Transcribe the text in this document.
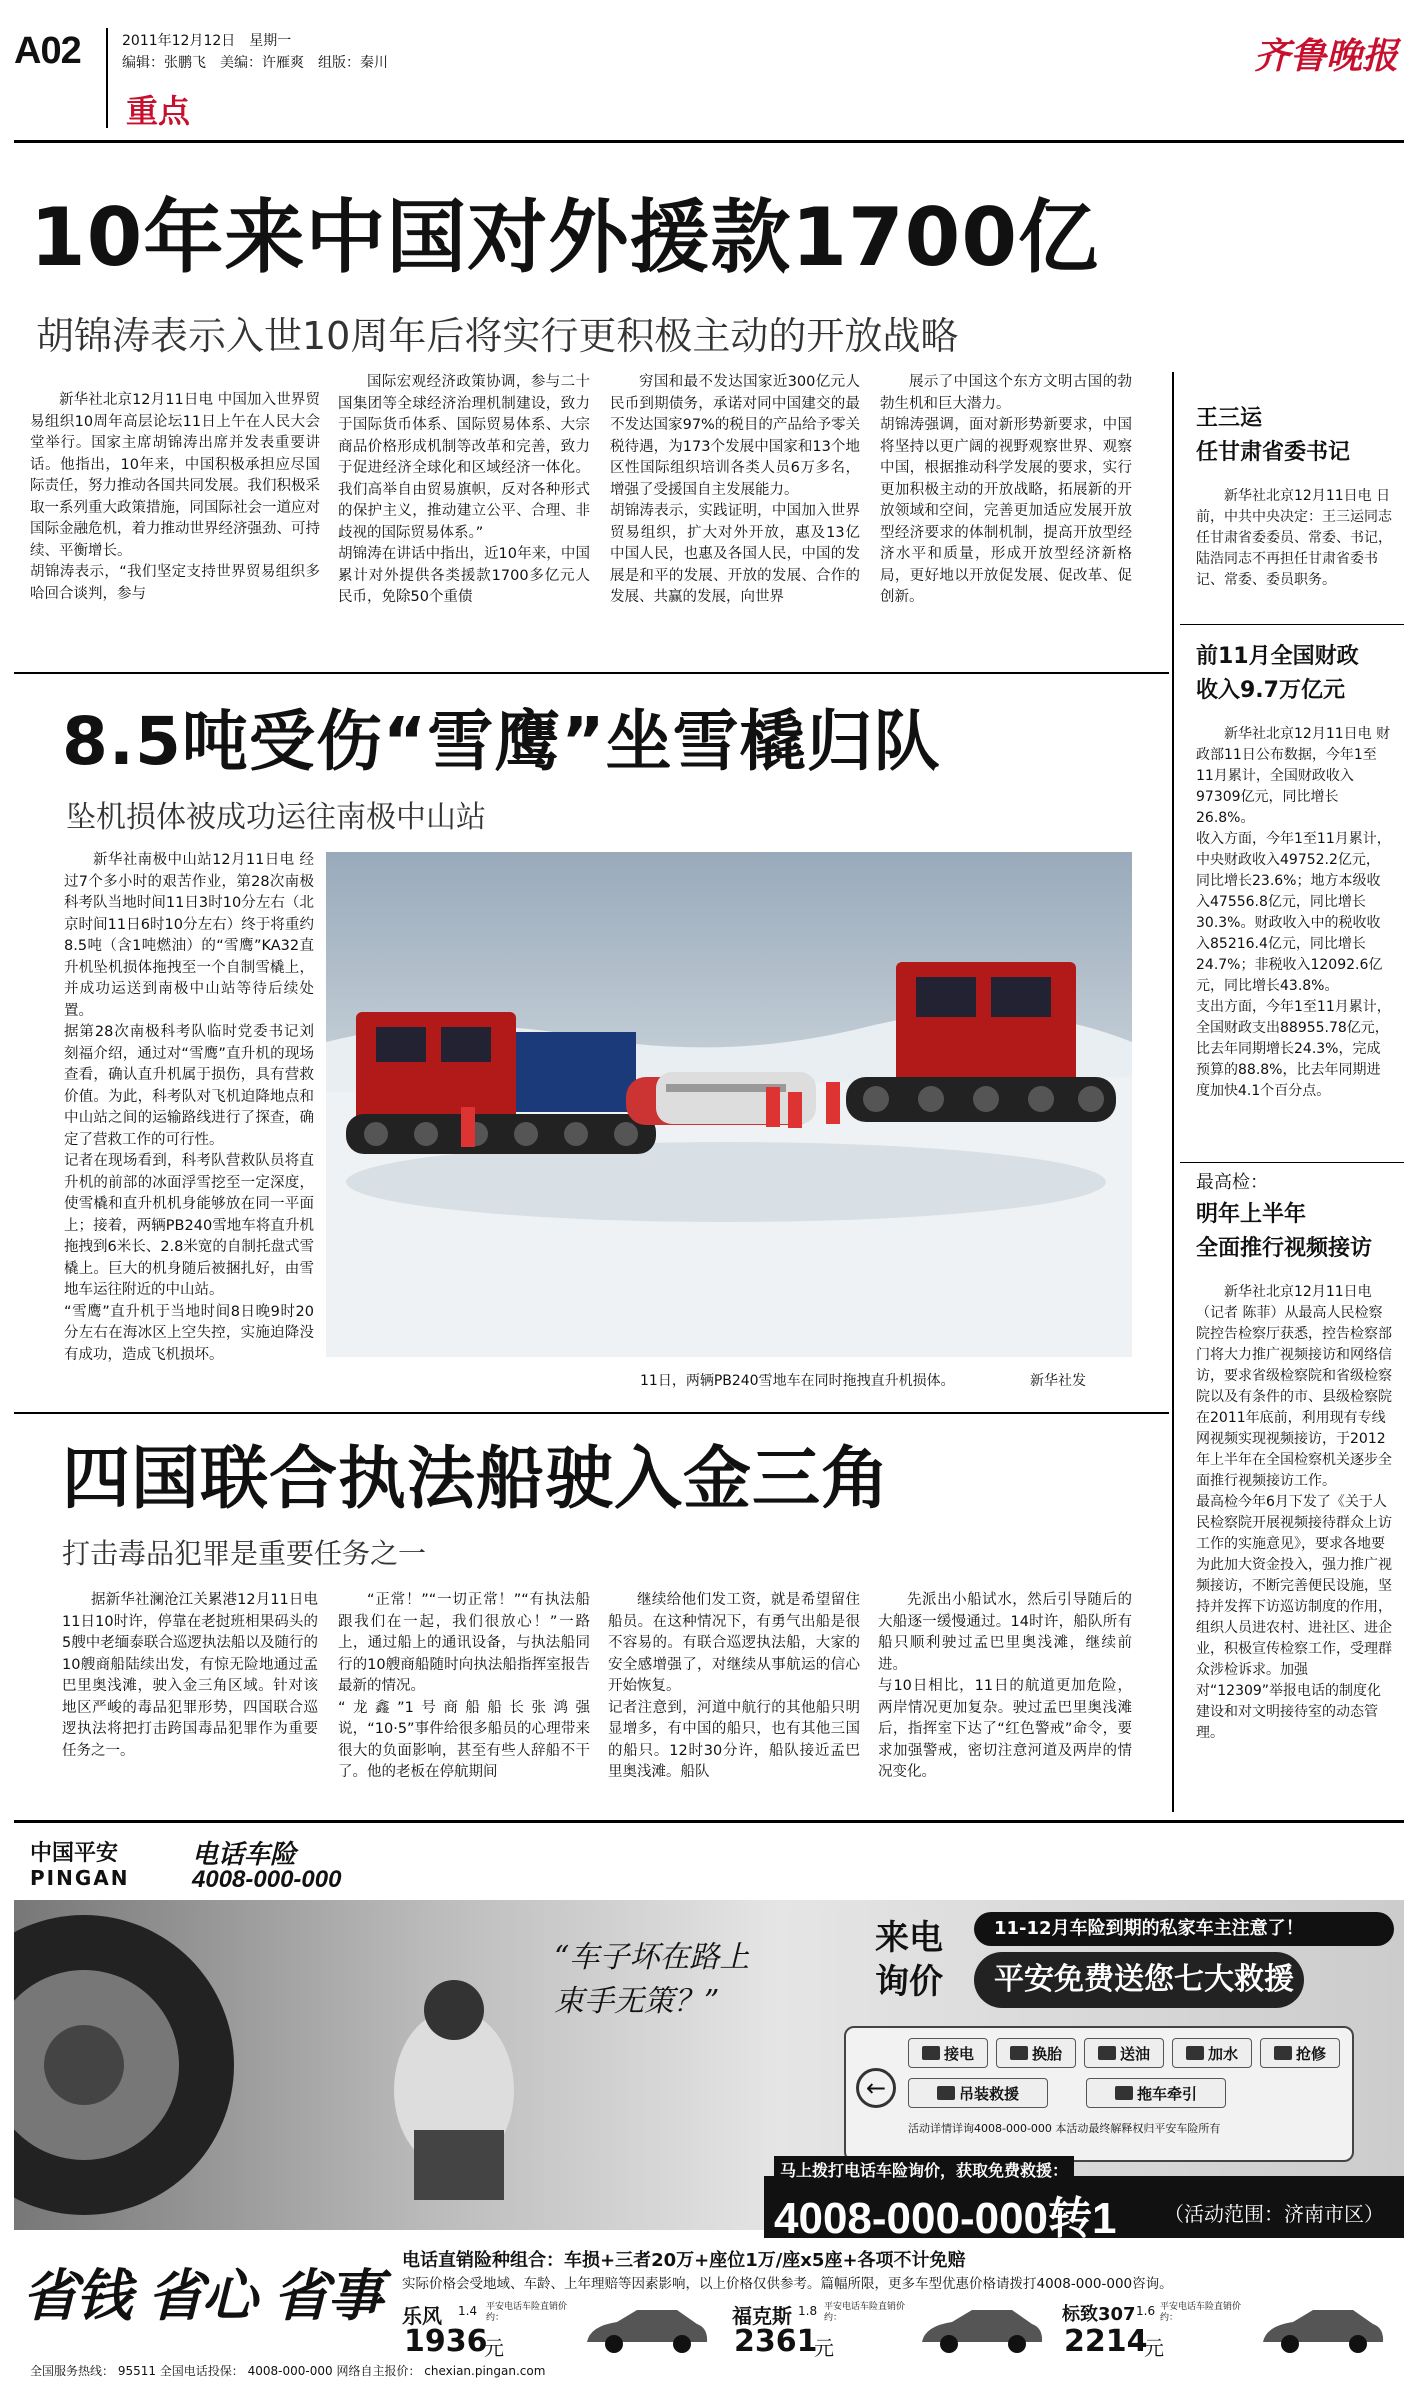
A02	2011年12月12日　星期一
编辑：张鹏飞　美编：许雁爽　组版：秦川
重点
齐鲁晚报
10年来中国对外援款1700亿
胡锦涛表示入世10周年后将实行更积极主动的开放战略

新华社北京12月11日电 中国加入世界贸易组织10周年高层论坛11日上午在人民大会堂举行。国家主席胡锦涛出席并发表重要讲话。他指出，10年来，中国积极承担应尽国际责任，努力推动各国共同发展。我们积极采取一系列重大政策措施，同国际社会一道应对国际金融危机，着力推动世界经济强劲、可持续、平衡增长。
胡锦涛表示，“我们坚定支持世界贸易组织多哈回合谈判，参与

国际宏观经济政策协调，参与二十国集团等全球经济治理机制建设，致力于国际货币体系、国际贸易体系、大宗商品价格形成机制等改革和完善，致力于促进经济全球化和区域经济一体化。我们高举自由贸易旗帜，反对各种形式的保护主义，推动建立公平、合理、非歧视的国际贸易体系。”
胡锦涛在讲话中指出，近10年来，中国累计对外提供各类援款1700多亿元人民币，免除50个重债

穷国和最不发达国家近300亿元人民币到期债务，承诺对同中国建交的最不发达国家97%的税目的产品给予零关税待遇，为173个发展中国家和13个地区性国际组织培训各类人员6万多名，增强了受援国自主发展能力。
胡锦涛表示，实践证明，中国加入世界贸易组织，扩大对外开放，惠及13亿中国人民，也惠及各国人民，中国的发展是和平的发展、开放的发展、合作的发展、共赢的发展，向世界

展示了中国这个东方文明古国的勃勃生机和巨大潜力。
胡锦涛强调，面对新形势新要求，中国将坚持以更广阔的视野观察世界、观察中国，根据推动科学发展的要求，实行更加积极主动的开放战略，拓展新的开放领域和空间，完善更加适应发展开放型经济要求的体制机制，提高开放型经济水平和质量，形成开放型经济新格局，更好地以开放促发展、促改革、促创新。

王三运
任甘肃省委书记

新华社北京12月11日电 日前，中共中央决定：王三运同志任甘肃省委委员、常委、书记，陆浩同志不再担任甘肃省委书记、常委、委员职务。

前11月全国财政
收入9.7万亿元

新华社北京12月11日电 财政部11日公布数据，今年1至11月累计，全国财政收入97309亿元，同比增长26.8%。
收入方面，今年1至11月累计，中央财政收入49752.2亿元，同比增长23.6%；地方本级收入47556.8亿元，同比增长30.3%。财政收入中的税收收入85216.4亿元，同比增长24.7%；非税收入12092.6亿元，同比增长43.8%。
支出方面，今年1至11月累计，全国财政支出88955.78亿元，比去年同期增长24.3%，完成预算的88.8%，比去年同期进度加快4.1个百分点。

最高检：
明年上半年
全面推行视频接访

新华社北京12月11日电（记者 陈菲）从最高人民检察院控告检察厅获悉，控告检察部门将大力推广视频接访和网络信访，要求省级检察院和省级检察院以及有条件的市、县级检察院在2011年底前，利用现有专线网视频实现视频接访，于2012年上半年在全国检察机关逐步全面推行视频接访工作。
最高检今年6月下发了《关于人民检察院开展视频接待群众上访工作的实施意见》，要求各地要为此加大资金投入，强力推广视频接访，不断完善便民设施，坚持并发挥下访巡访制度的作用，组织人员进农村、进社区、进企业，积极宣传检察工作，受理群众涉检诉求。加强对“12309”举报电话的制度化建设和对文明接待室的动态管理。

8.5吨受伤“雪鹰”坐雪橇归队
坠机损体被成功运往南极中山站

新华社南极中山站12月11日电 经过7个多小时的艰苦作业，第28次南极科考队当地时间11日3时10分左右（北京时间11日6时10分左右）终于将重约8.5吨（含1吨燃油）的“雪鹰”KA32直升机坠机损体拖拽至一个自制雪橇上，并成功运送到南极中山站等待后续处置。
据第28次南极科考队临时党委书记刘刻福介绍，通过对“雪鹰”直升机的现场查看，确认直升机属于损伤，具有营救价值。为此，科考队对飞机迫降地点和中山站之间的运输路线进行了探查，确定了营救工作的可行性。
记者在现场看到，科考队营救队员将直升机的前部的冰面浮雪挖至一定深度，使雪橇和直升机机身能够放在同一平面上；接着，两辆PB240雪地车将直升机拖拽到6米长、2.8米宽的自制托盘式雪橇上。巨大的机身随后被捆扎好，由雪地车运往附近的中山站。
“雪鹰”直升机于当地时间8日晚9时20分左右在海冰区上空失控，实施迫降没有成功，造成飞机损坏。

11日，两辆PB240雪地车在同时拖拽直升机损体。	新华社发
四国联合执法船驶入金三角
打击毒品犯罪是重要任务之一

据新华社澜沧江关累港12月11日电 11日10时许，停靠在老挝班相果码头的5艘中老缅泰联合巡逻执法船以及随行的10艘商船陆续出发，有惊无险地通过孟巴里奥浅滩，驶入金三角区域。针对该地区严峻的毒品犯罪形势，四国联合巡逻执法将把打击跨国毒品犯罪作为重要任务之一。

“正常！”“一切正常！”“有执法船跟我们在一起，我们很放心！”一路上，通过船上的通讯设备，与执法船同行的10艘商船随时向执法船指挥室报告最新的情况。
“龙鑫”1号商船船长张鸿强说，“10·5”事件给很多船员的心理带来很大的负面影响，甚至有些人辞船不干了。他的老板在停航期间

继续给他们发工资，就是希望留住船员。在这种情况下，有勇气出船是很不容易的。有联合巡逻执法船，大家的安全感增强了，对继续从事航运的信心开始恢复。
记者注意到，河道中航行的其他船只明显增多，有中国的船只，也有其他三国的船只。12时30分许，船队接近孟巴里奥浅滩。船队

先派出小船试水，然后引导随后的大船逐一缓慢通过。14时许，船队所有船只顺利驶过孟巴里奥浅滩，继续前进。
与10日相比，11日的航道更加危险，两岸情况更加复杂。驶过孟巴里奥浅滩后，指挥室下达了“红色警戒”命令，要求加强警戒，密切注意河道及两岸的情况变化。

中国平安
PINGAN
电话车险
4008-000-000
“车子坏在路上
束手无策？”
来电
询价
11-12月车险到期的私家车主注意了！
平安免费送您七大救援
←
接电	换胎	送油	加水	抢修
吊装救援	拖车牵引
活动详情详询4008-000-000 本活动最终解释权归平安车险所有
马上拨打电话车险询价，获取免费救援：
4008-000-000转1 （活动范围：济南市区）
省钱 省心 省事
电话直销险种组合：车损+三者20万+座位1万/座x5座+各项不计免赔
实际价格会受地域、车龄、上年理赔等因素影响，以上价格仅供参考。篇幅所限，更多车型优惠价格请拨打4008-000-000咨询。
乐风 1.4 平安电话车险直销价约：
1936
元
福克斯 1.8 平安电话车险直销价约：
2361
元
标致307 1.6 平安电话车险直销价约：
2214
元
全国服务热线： 95511 全国电话投保： 4008-000-000 网络自主报价： chexian.pingan.com
